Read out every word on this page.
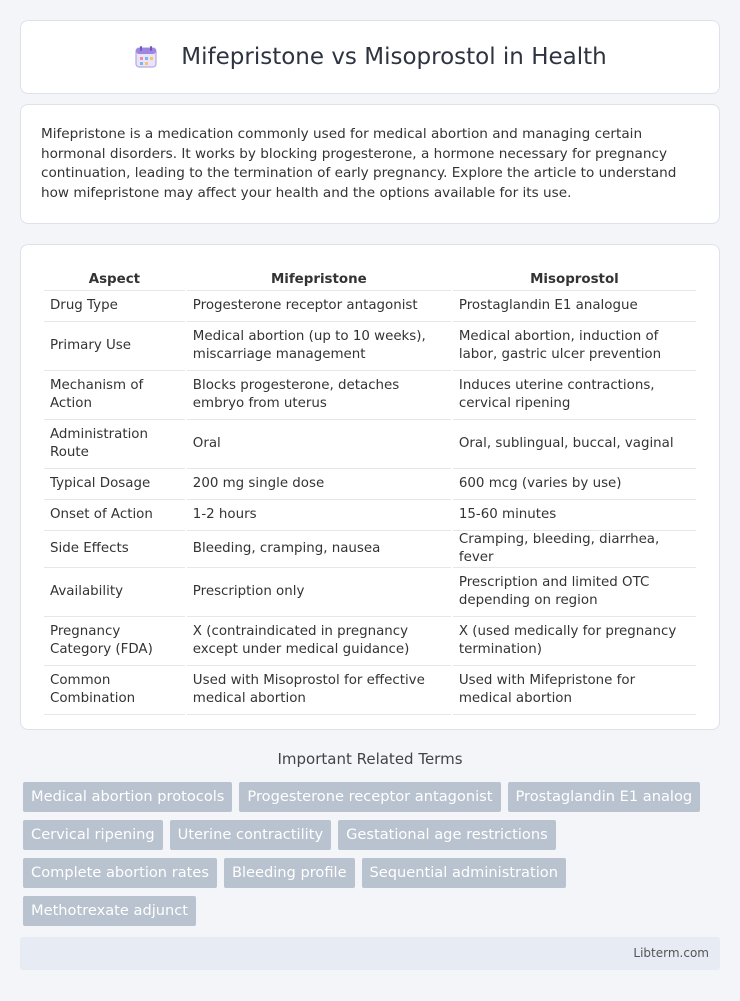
Mifepristone vs Misoprostol in Health

Mifepristone is a medication commonly used for medical abortion and managing certain hormonal disorders. It works by blocking progesterone, a hormone necessary for pregnancy continuation, leading to the termination of early pregnancy. Explore the article to understand how mifepristone may affect your health and the options available for its use.

Aspect	Mifepristone	Misoprostol
Drug Type	Progesterone receptor antagonist	Prostaglandin E1 analogue
Primary Use	Medical abortion (up to 10 weeks), miscarriage management	Medical abortion, induction of labor, gastric ulcer prevention
Mechanism of Action	Blocks progesterone, detaches embryo from uterus	Induces uterine contractions, cervical ripening
Administration Route	Oral	Oral, sublingual, buccal, vaginal
Typical Dosage	200 mg single dose	600 mcg (varies by use)
Onset of Action	1-2 hours	15-60 minutes
Side Effects	Bleeding, cramping, nausea	Cramping, bleeding, diarrhea, fever
Availability	Prescription only	Prescription and limited OTC depending on region
Pregnancy Category (FDA)	X (contraindicated in pregnancy except under medical guidance)	X (used medically for pregnancy termination)
Common Combination	Used with Misoprostol for effective medical abortion	Used with Mifepristone for medical abortion
Important Related Terms
Medical abortion protocols	Progesterone receptor antagonist	Prostaglandin E1 analog
Cervical ripening	Uterine contractility	Gestational age restrictions
Complete abortion rates	Bleeding profile	Sequential administration
Methotrexate adjunct
Libterm.com
